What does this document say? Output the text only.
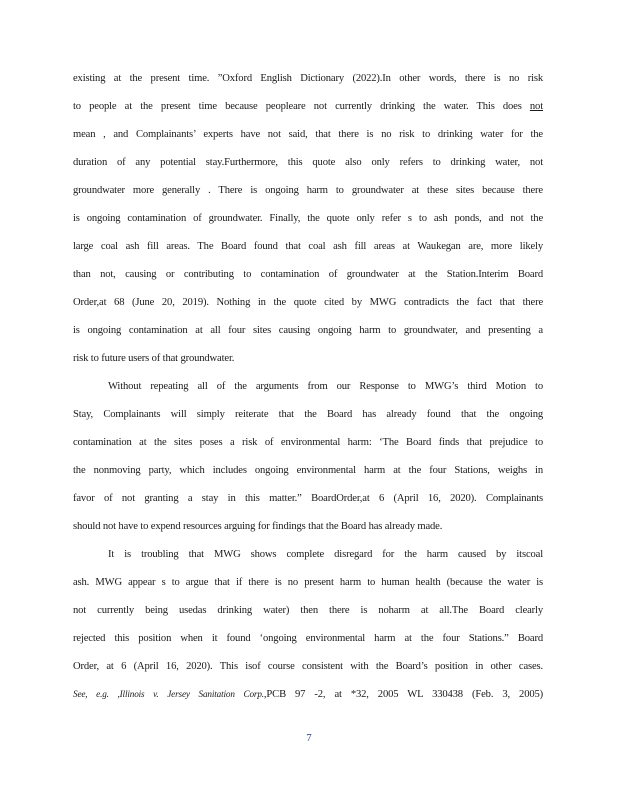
existing at the present time. ”Oxford English Dictionary (2022).In other words, there is no risk
to people at the present time because peopleare not currently drinking the water. This does not
mean , and Complainants’ experts have not said, that there is no risk to drinking water for the
duration of any potential stay.Furthermore, this quote also only refers to drinking water, not
groundwater more generally . There is ongoing harm to groundwater at these sites because there
is ongoing contamination of groundwater. Finally, the quote only refer s to ash ponds, and not the
large coal ash fill areas. The Board found that coal ash fill areas at Waukegan are, more likely
than not, causing or contributing to contamination of groundwater at the Station.Interim Board
Order,at 68 (June 20, 2019). Nothing in the quote cited by MWG contradicts the fact that there
is ongoing contamination at all four sites causing ongoing harm to groundwater, and presenting a
risk to future users of that groundwater.
Without repeating all of the arguments from our Response to MWG’s third Motion to
Stay, Complainants will simply reiterate that the Board has already found that the ongoing
contamination at the sites poses a risk of environmental harm: ‘The Board finds that prejudice to
the nonmoving party, which includes ongoing environmental harm at the four Stations, weighs in
favor of not granting a stay in this matter.” BoardOrder,at 6 (April 16, 2020). Complainants
should not have to expend resources arguing for findings that the Board has already made.
It is troubling that MWG shows complete disregard for the harm caused by itscoal
ash. MWG appear s to argue that if there is no present harm to human health (because the water is
not currently being usedas drinking water) then there is noharm at all.The Board clearly
rejected this position when it found ‘ongoing environmental harm at the four Stations.” Board
Order, at 6 (April 16, 2020). This isof course consistent with the Board’s position in other cases.
See, e.g. ,Illinois v. Jersey Sanitation Corp.,PCB 97 -2, at *32, 2005 WL 330438 (Feb. 3, 2005)
7
